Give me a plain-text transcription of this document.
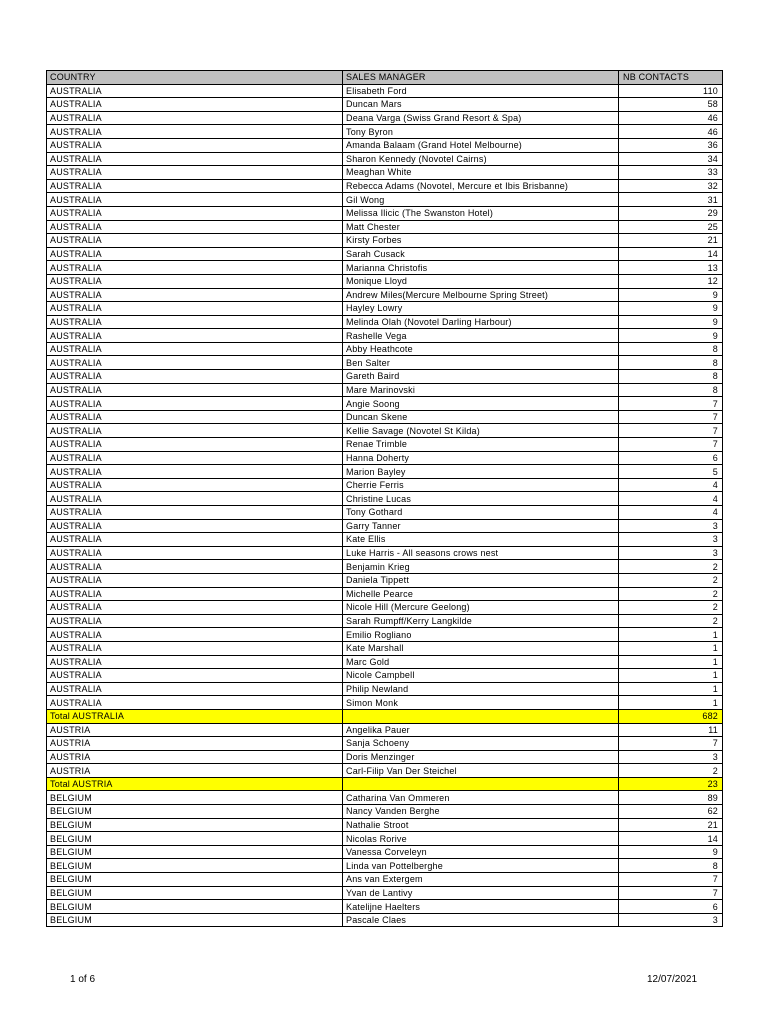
COUNTRY	SALES MANAGER	NB CONTACTS
AUSTRALIA	Elisabeth Ford	110
AUSTRALIA	Duncan Mars	58
AUSTRALIA	Deana Varga (Swiss Grand Resort & Spa)	46
AUSTRALIA	Tony Byron	46
AUSTRALIA	Amanda Balaam (Grand Hotel Melbourne)	36
AUSTRALIA	Sharon Kennedy (Novotel Cairns)	34
AUSTRALIA	Meaghan White	33
AUSTRALIA	Rebecca Adams (Novotel, Mercure et Ibis Brisbanne)	32
AUSTRALIA	Gil Wong	31
AUSTRALIA	Melissa Ilicic (The Swanston Hotel)	29
AUSTRALIA	Matt Chester	25
AUSTRALIA	Kirsty Forbes	21
AUSTRALIA	Sarah Cusack	14
AUSTRALIA	Marianna Christofis	13
AUSTRALIA	Monique Lloyd	12
AUSTRALIA	Andrew Miles(Mercure Melbourne Spring Street)	9
AUSTRALIA	Hayley Lowry	9
AUSTRALIA	Melinda Olah (Novotel Darling Harbour)	9
AUSTRALIA	Rashelle Vega	9
AUSTRALIA	Abby Heathcote	8
AUSTRALIA	Ben Salter	8
AUSTRALIA	Gareth Baird	8
AUSTRALIA	Mare Marinovski	8
AUSTRALIA	Angie Soong	7
AUSTRALIA	Duncan Skene	7
AUSTRALIA	Kellie Savage (Novotel St Kilda)	7
AUSTRALIA	Renae Trimble	7
AUSTRALIA	Hanna Doherty	6
AUSTRALIA	Marion Bayley	5
AUSTRALIA	Cherrie Ferris	4
AUSTRALIA	Christine Lucas	4
AUSTRALIA	Tony Gothard	4
AUSTRALIA	Garry Tanner	3
AUSTRALIA	Kate Ellis	3
AUSTRALIA	Luke Harris - All seasons crows nest	3
AUSTRALIA	Benjamin Krieg	2
AUSTRALIA	Daniela Tippett	2
AUSTRALIA	Michelle Pearce	2
AUSTRALIA	Nicole Hill (Mercure Geelong)	2
AUSTRALIA	Sarah Rumpff/Kerry Langkilde	2
AUSTRALIA	Emilio Rogliano	1
AUSTRALIA	Kate Marshall	1
AUSTRALIA	Marc Gold	1
AUSTRALIA	Nicole Campbell	1
AUSTRALIA	Philip Newland	1
AUSTRALIA	Simon Monk	1
Total AUSTRALIA		682
AUSTRIA	Angelika Pauer	11
AUSTRIA	Sanja Schoeny	7
AUSTRIA	Doris Menzinger	3
AUSTRIA	Carl-Filip Van Der Steichel	2
Total AUSTRIA		23
BELGIUM	Catharina Van Ommeren	89
BELGIUM	Nancy Vanden Berghe	62
BELGIUM	Nathalie Stroot	21
BELGIUM	Nicolas Rorive	14
BELGIUM	Vanessa Corveleyn	9
BELGIUM	Linda van Pottelberghe	8
BELGIUM	Ans van Extergem	7
BELGIUM	Yvan de Lantivy	7
BELGIUM	Katelijne Haelters	6
BELGIUM	Pascale Claes	3
1 of 6	12/07/2021
